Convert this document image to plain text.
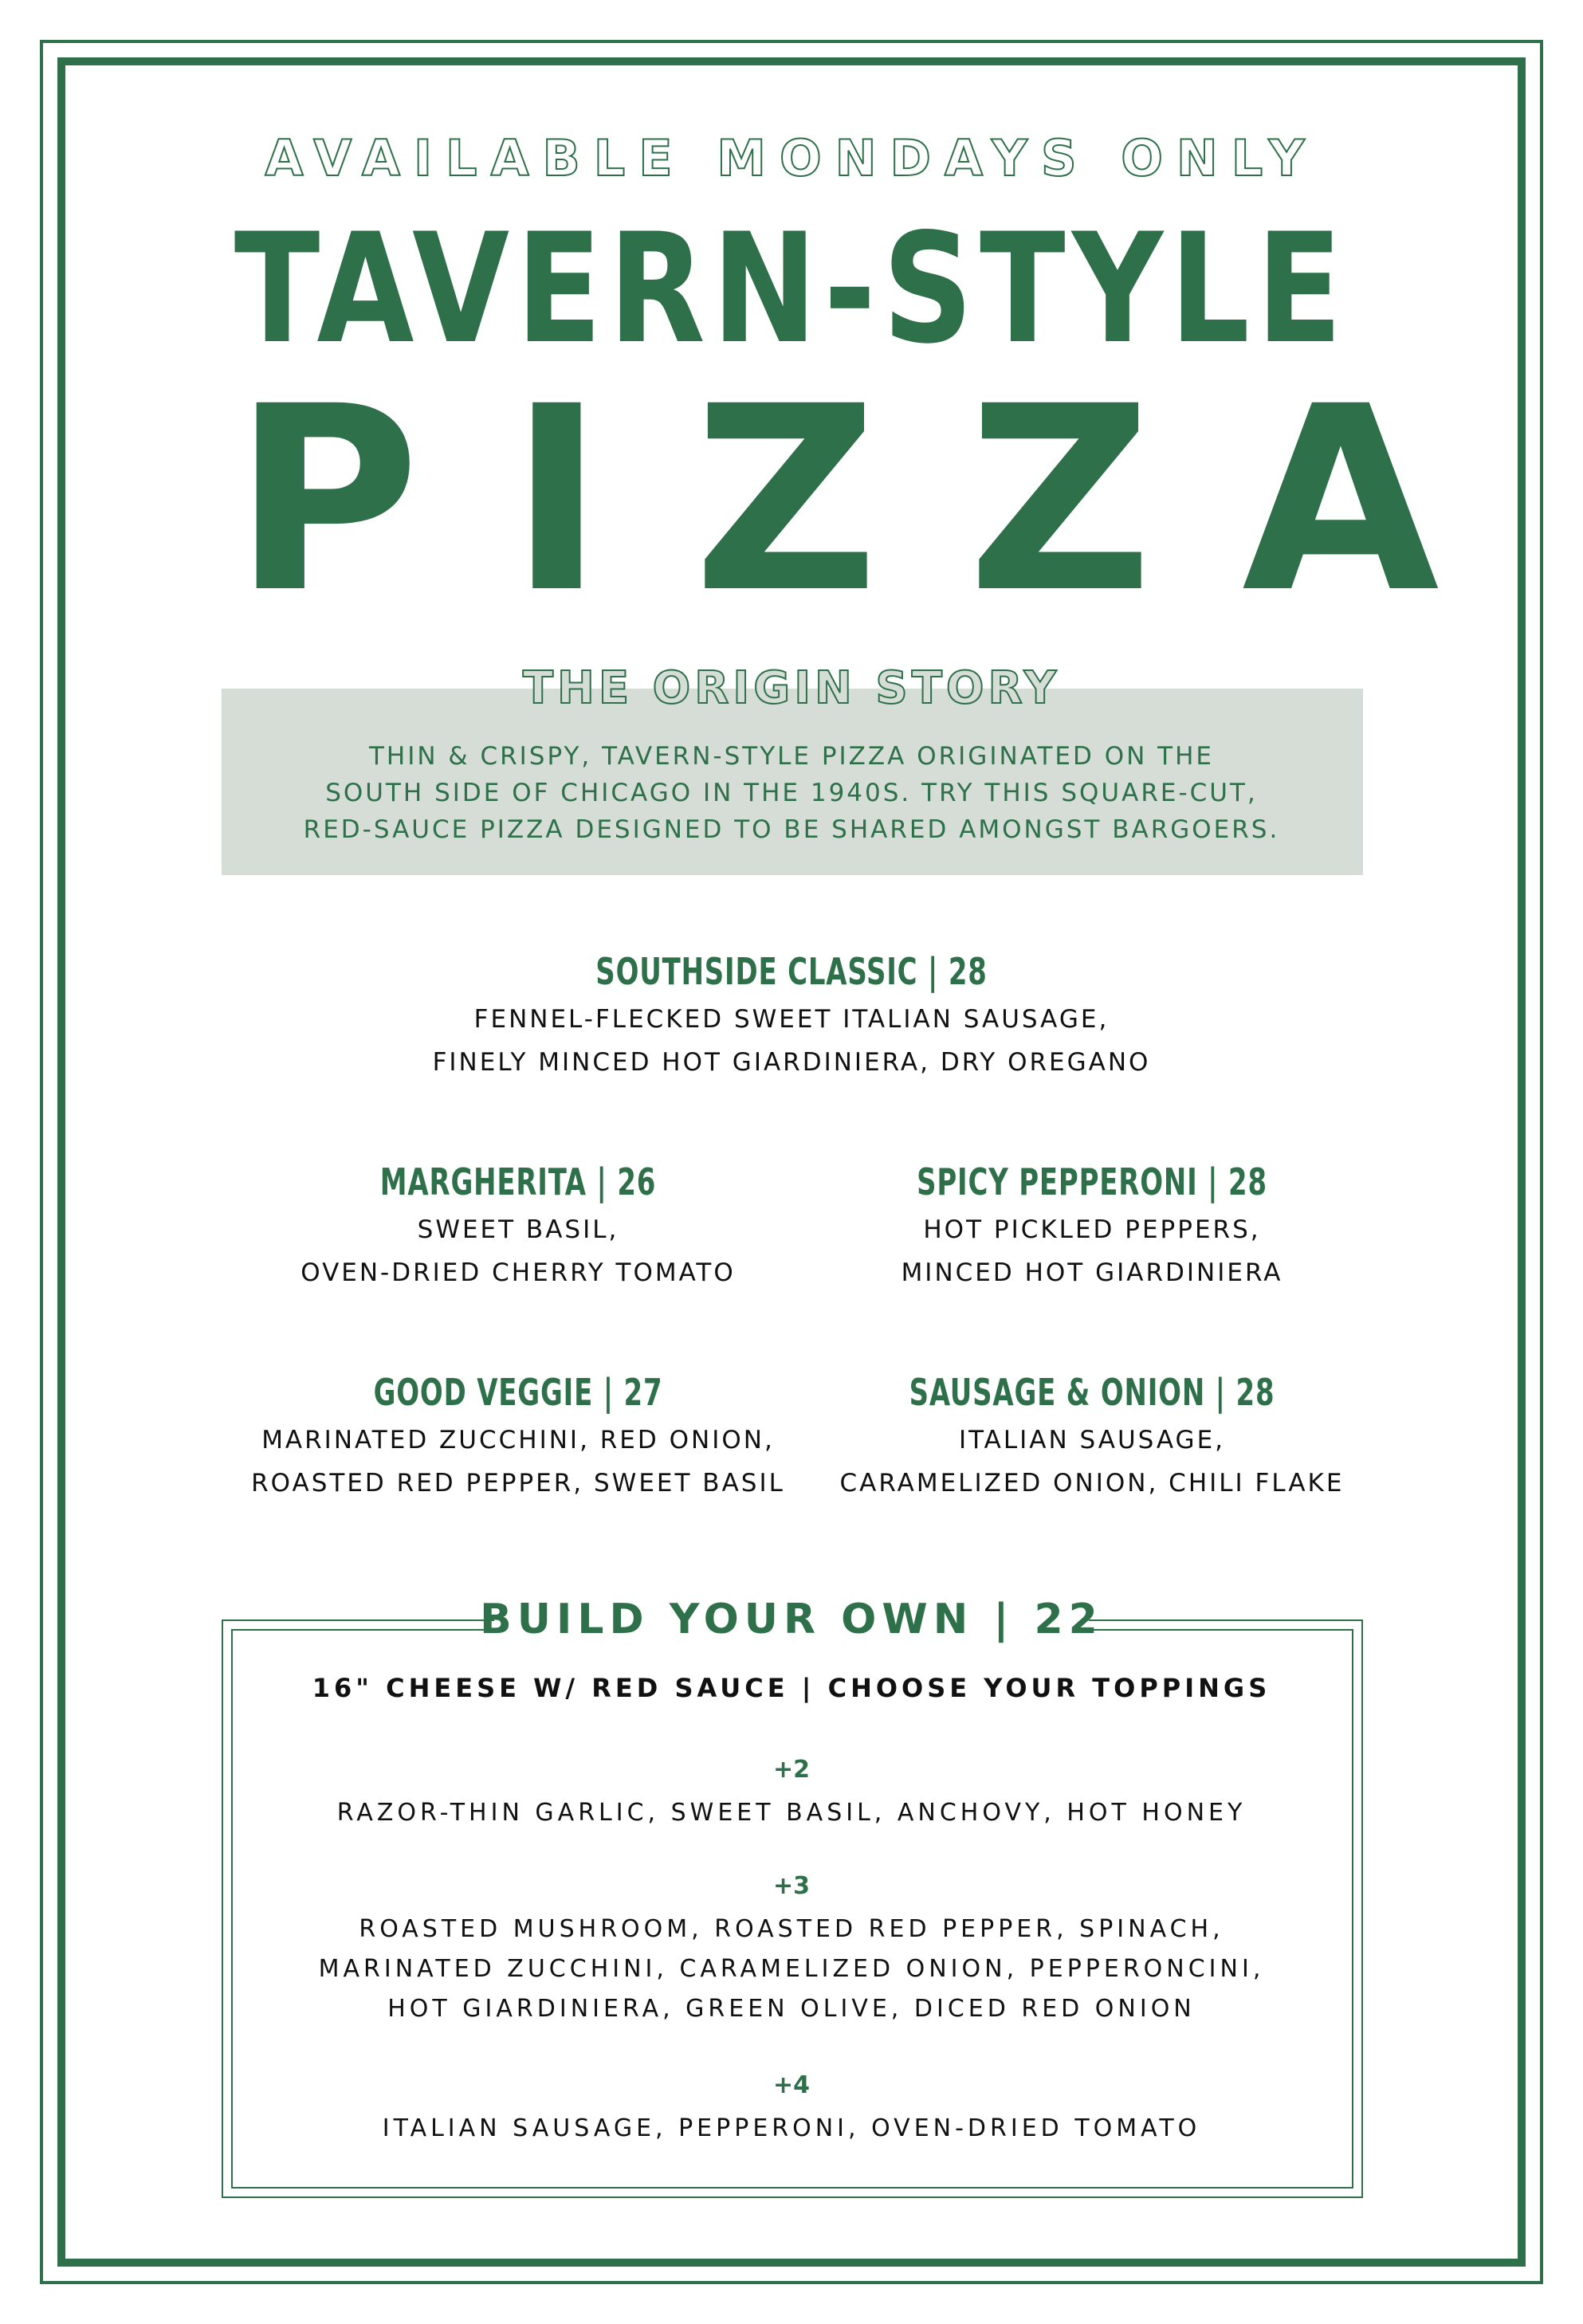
AVAILABLE MONDAYS ONLY
TAVERN-STYLE
PIZZA
THE ORIGIN STORY
THIN & CRISPY, TAVERN-STYLE PIZZA ORIGINATED ON THE
SOUTH SIDE OF CHICAGO IN THE 1940S. TRY THIS SQUARE-CUT,
RED-SAUCE PIZZA DESIGNED TO BE SHARED AMONGST BARGOERS.
SOUTHSIDE CLASSIC | 28
FENNEL-FLECKED SWEET ITALIAN SAUSAGE,
FINELY MINCED HOT GIARDINIERA, DRY OREGANO
MARGHERITA | 26
SWEET BASIL,
OVEN-DRIED CHERRY TOMATO
SPICY PEPPERONI | 28
HOT PICKLED PEPPERS,
MINCED HOT GIARDINIERA
GOOD VEGGIE | 27
MARINATED ZUCCHINI, RED ONION,
ROASTED RED PEPPER, SWEET BASIL
SAUSAGE & ONION | 28
ITALIAN SAUSAGE,
CARAMELIZED ONION, CHILI FLAKE
BUILD YOUR OWN | 22
16" CHEESE W/ RED SAUCE | CHOOSE YOUR TOPPINGS
+2
RAZOR-THIN GARLIC, SWEET BASIL, ANCHOVY, HOT HONEY
+3
ROASTED MUSHROOM, ROASTED RED PEPPER, SPINACH,
MARINATED ZUCCHINI, CARAMELIZED ONION, PEPPERONCINI,
HOT GIARDINIERA, GREEN OLIVE, DICED RED ONION
+4
ITALIAN SAUSAGE, PEPPERONI, OVEN-DRIED TOMATO
